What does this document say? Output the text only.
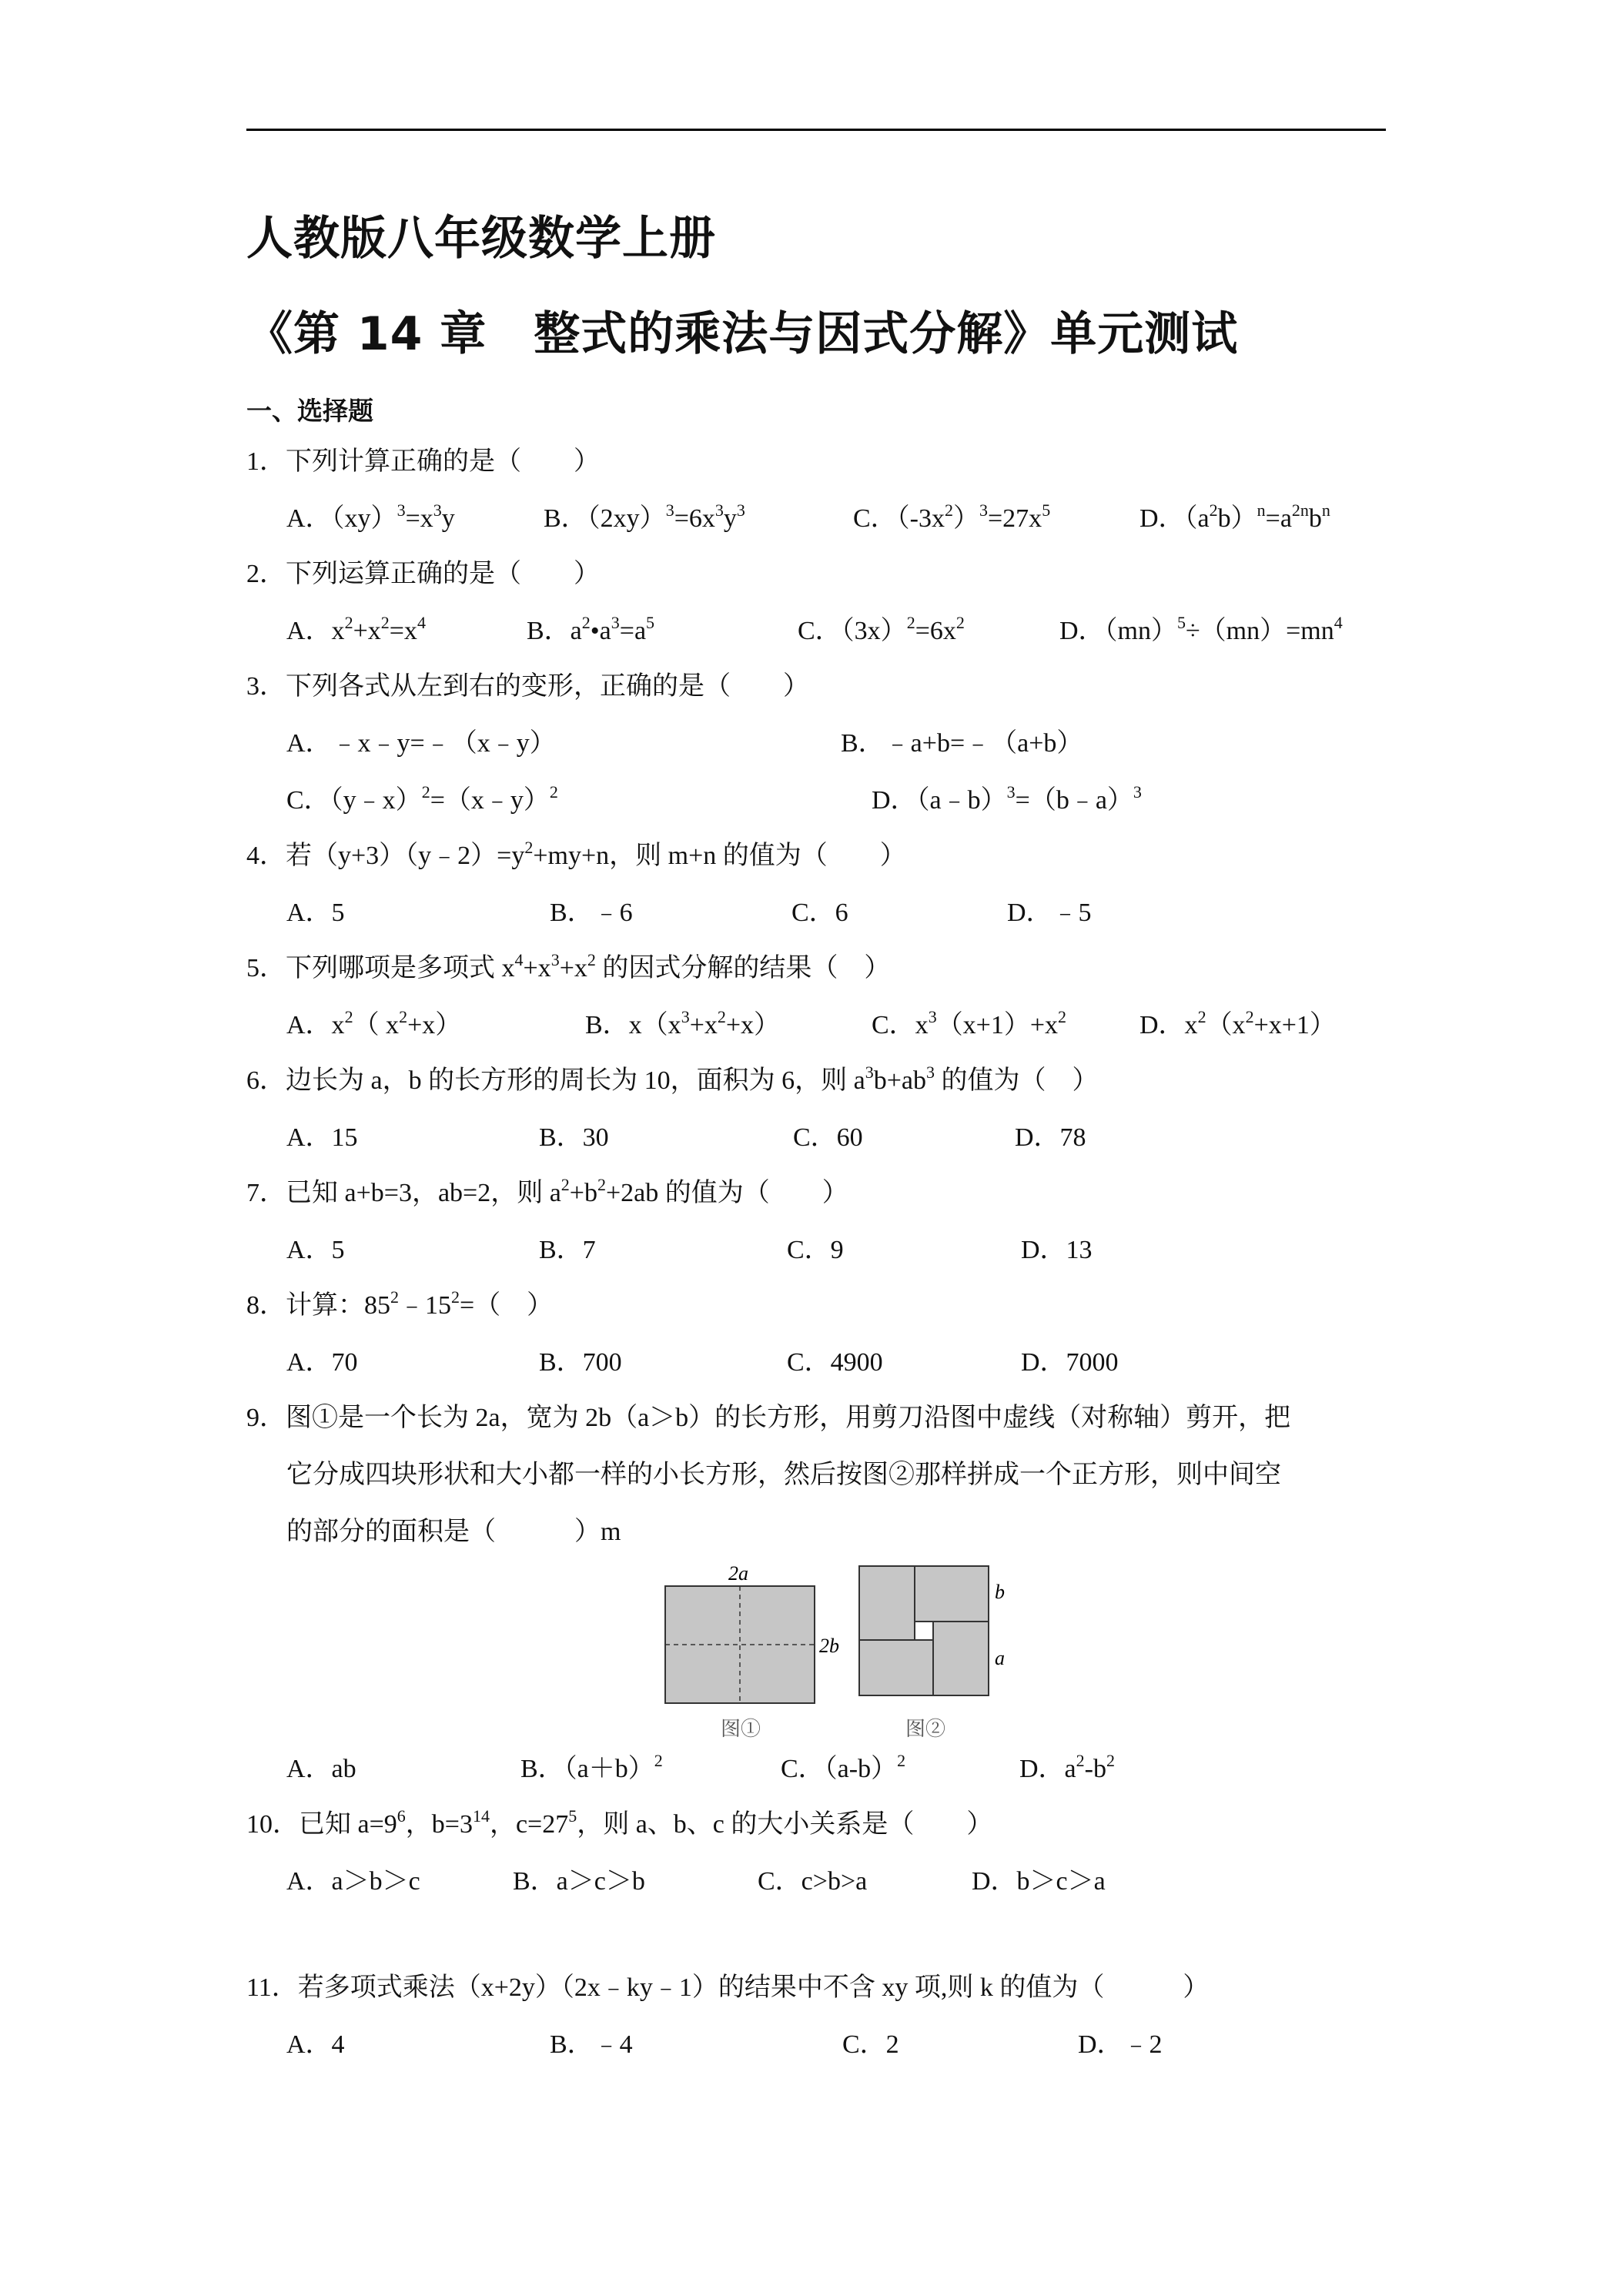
人教版八年级数学上册
《第 14 章　整式的乘法与因式分解》单元测试
一、选择题
1．下列计算正确的是（　　）
A．$(xy)^3=x^3y$	B．$(2xy)^3=6x^3y^3$	C．$(-3x^2)^3=27x^5$	D．$(a^2b)^n=a^{2n}b^n$
2．下列运算正确的是（　　）
A．$x^2+x^2=x^4$	B．$a^2•a^3=a^5$	C．$(3x)^2=6x^2$	D．$(mn)^5\div(mn)=mn^4$
3．下列各式从左到右的变形，正确的是（　　）
A．﹣x﹣y=﹣（x﹣y）	B．﹣a+b=﹣（a+b）
C．（y﹣x）$^2$=（x﹣y）$^2$	D．（a﹣b）$^3$=（b﹣a）$^3$
4．若$(y+3)(y﹣2)=y^2+my+n$，则 m+n 的值为（　　）
A．5	B．﹣6	C．6	D．﹣5
5．下列哪项是多项式 $x^4+x^3+x^2$ 的因式分解的结果（　）
A．$x^2$（ $x^2+x$）	B．$x(x^3+x^2+x)$	C．$x^3(x+1)+x^2$	D．$x^2(x^2+x+1)$
6．边长为 a，b 的长方形的周长为 10，面积为 6，则 $a^3b+ab^3$ 的值为（　）
A．15	B．30	C．60	D．78
7．已知 a+b=3，ab=2，则 $a^2+b^2+2ab$ 的值为（　　）
A．5	B．7	C．9	D．13
8．计算：$85^2﹣15^2=$（　）
A．70	B．700	C．4900	D．7000
9．图①是一个长为 2a，宽为 2b（a＞b）的长方形，用剪刀沿图中虚线（对称轴）剪开，把
它分成四块形状和大小都一样的小长方形，然后按图②那样拼成一个正方形，则中间空
的部分的面积是（　　　）m
2a
2b
图①
b
a
图②
A．ab	B．$(a+b)^2$	C．$(a-b)^2$	D．$a^2-b^2$
10．已知 $a=9^6$，$b=3^{14}$，$c=27^5$，则 a、b、c 的大小关系是（　　）
A．a＞b＞c	B．a＞c＞b	C．c>b>a	D．b＞c＞a
11．若多项式乘法（x+2y）（2x﹣ky﹣1）的结果中不含 xy 项,则 k 的值为（　　　）
A．4	B．﹣4	C．2	D．﹣2
